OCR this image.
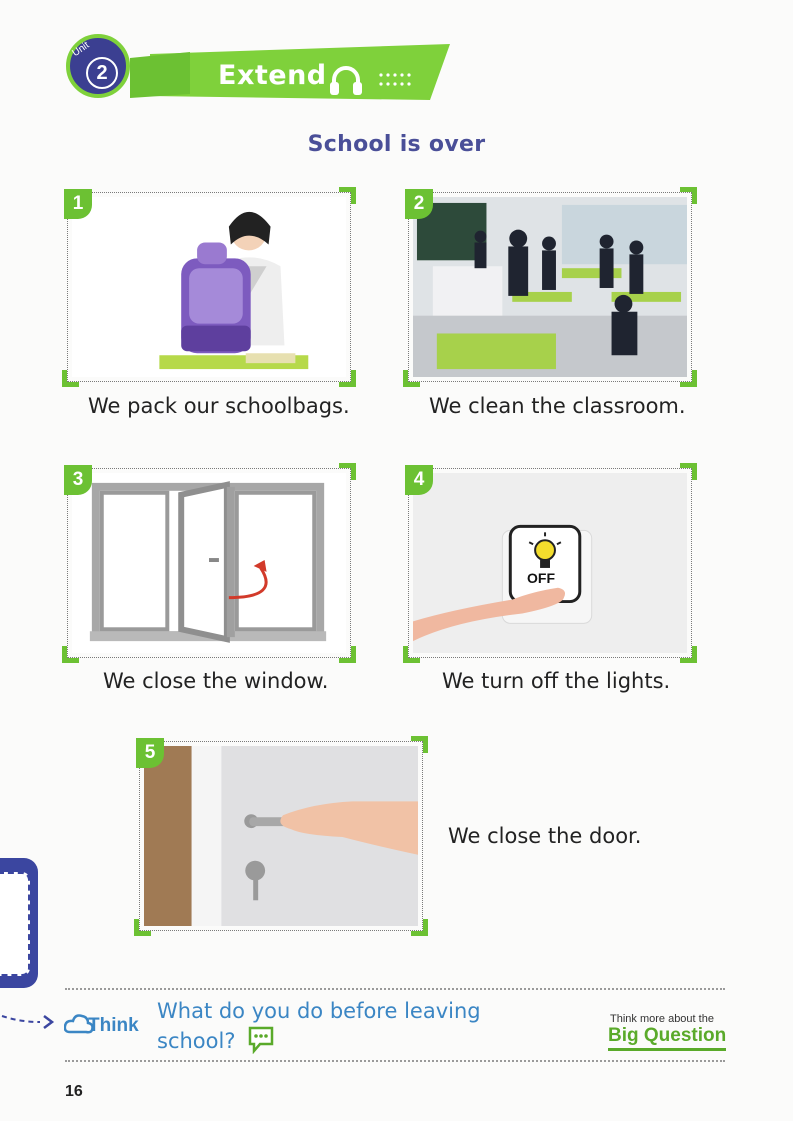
Unit
2	Extend
School is over
1
We pack our schoolbags.
2
We clean the classroom.
3
We close the window.
OFF
4
We turn off the lights.
5
We close the door.
Think
What do you do before leaving school?
Think more about the
Big Question
16
